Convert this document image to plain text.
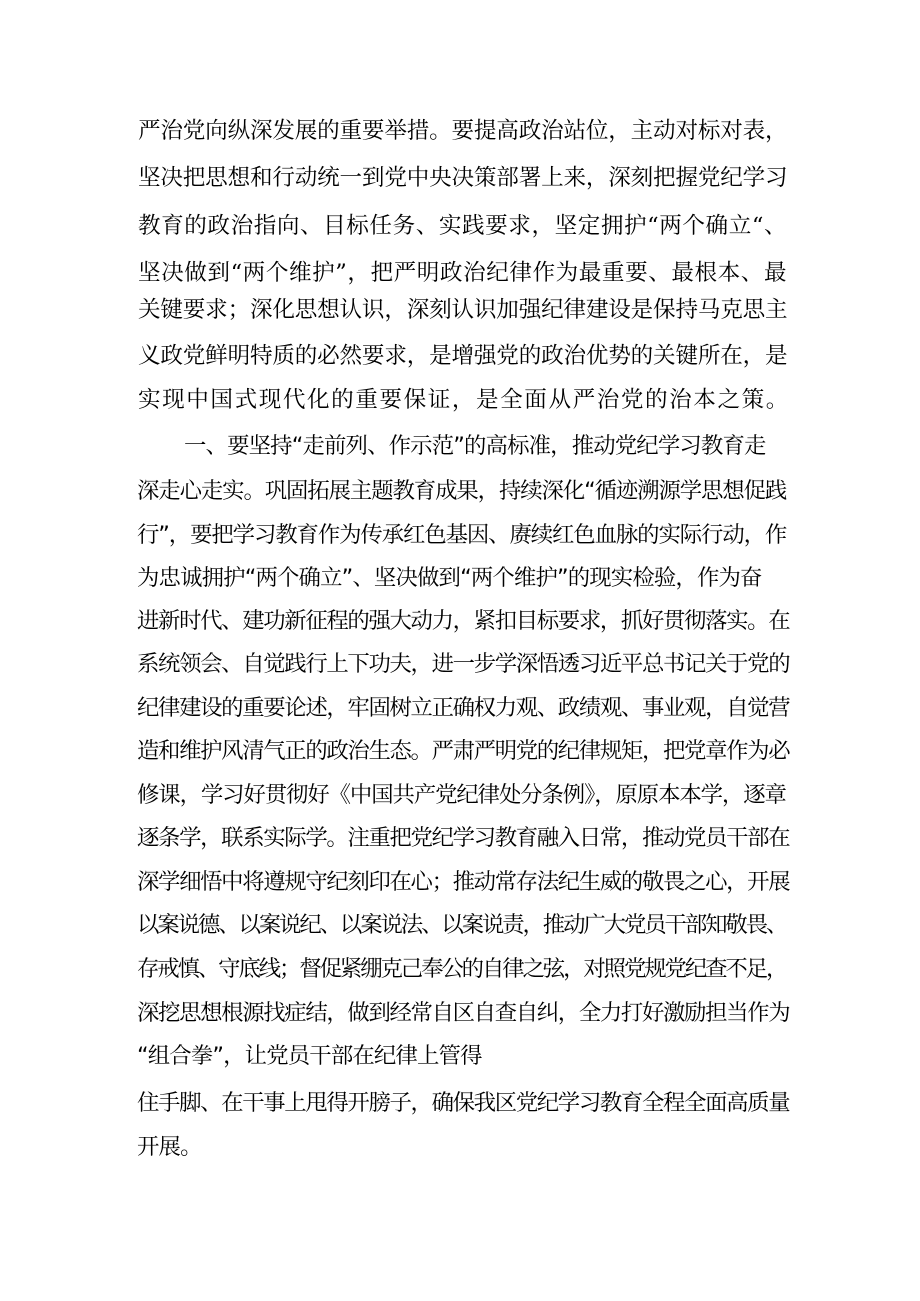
严治党向纵深发展的重要举措。要提高政治站位，主动对标对表，

坚决把思想和行动统一到党中央决策部署上来，深刻把握党纪学习

教育的政治指向、目标任务、实践要求，坚定拥护“两个确立“、

坚决做到“两个维护”，把严明政治纪律作为最重要、最根本、最

关键要求；深化思想认识，深刻认识加强纪律建设是保持马克思主

义政党鲜明特质的必然要求，是增强党的政治优势的关键所在，是

实现中国式现代化的重要保证，是全面从严治党的治本之策。

一、要坚持“走前列、作示范”的高标准，推动党纪学习教育走

深走心走实。巩固拓展主题教育成果，持续深化“循迹溯源学思想促践

行”，要把学习教育作为传承红色基因、赓续红色血脉的实际行动，作

为忠诚拥护“两个确立”、坚决做到“两个维护”的现实检验，作为奋

进新时代、建功新征程的强大动力，紧扣目标要求，抓好贯彻落实。在

系统领会、自觉践行上下功夫，进一步学深悟透习近平总书记关于党的

纪律建设的重要论述，牢固树立正确权力观、政绩观、事业观，自觉营

造和维护风清气正的政治生态。严肃严明党的纪律规矩，把党章作为必

修课，学习好贯彻好《中国共产党纪律处分条例》，原原本本学，逐章

逐条学，联系实际学。注重把党纪学习教育融入日常，推动党员干部在

深学细悟中将遵规守纪刻印在心；推动常存法纪生威的敬畏之心，开展

以案说德、以案说纪、以案说法、以案说责，推动广大党员干部知敬畏、

存戒慎、守底线；督促紧绷克己奉公的自律之弦，对照党规党纪查不足，

深挖思想根源找症结，做到经常自区自查自纠，全力打好激励担当作为

“组合拳”，让党员干部在纪律上管得

住手脚、在干事上甩得开膀子，确保我区党纪学习教育全程全面高质量

开展。
